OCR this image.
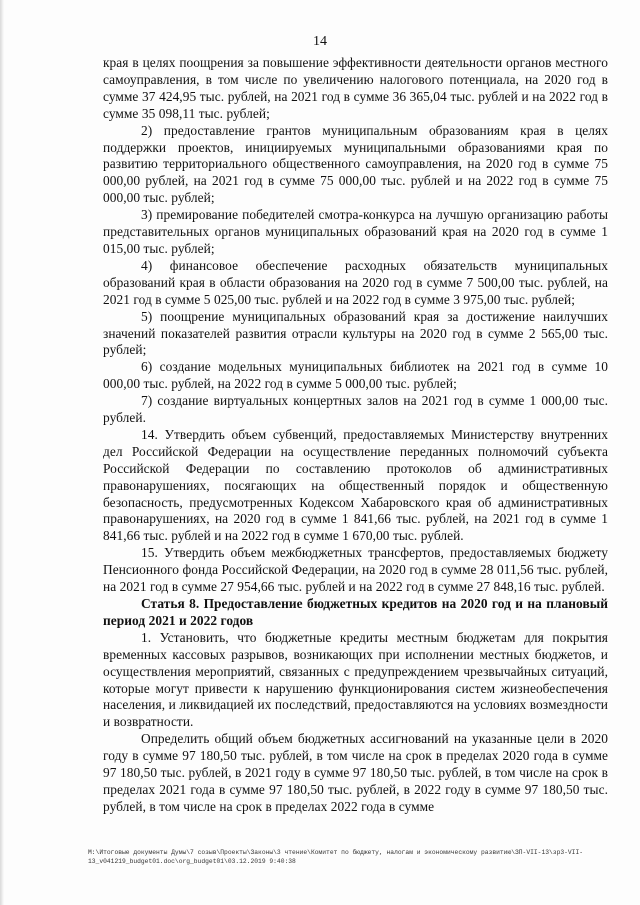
14

края в целях поощрения за повышение эффективности деятельности органов местного самоуправления, в том числе по увеличению налогового потенциала, на 2020 год в сумме 37 424,95 тыс. рублей, на 2021 год в сумме 36 365,04 тыс. рублей и на 2022 год в сумме 35 098,11 тыс. рублей;

2) предоставление грантов муниципальным образованиям края в целях поддержки проектов, инициируемых муниципальными образованиями края по развитию территориального общественного самоуправления, на 2020 год в сумме 75 000,00 рублей, на 2021 год в сумме 75 000,00 тыс. рублей и на 2022 год в сумме 75 000,00 тыс. рублей;

3) премирование победителей смотра-конкурса на лучшую организацию работы представительных органов муниципальных образований края на 2020 год в сумме 1 015,00 тыс. рублей;

4) финансовое обеспечение расходных обязательств муниципальных образований края в области образования на 2020 год в сумме 7 500,00 тыс. рублей, на 2021 год в сумме 5 025,00 тыс. рублей и на 2022 год в сумме 3 975,00 тыс. рублей;

5) поощрение муниципальных образований края за достижение наилучших значений показателей развития отрасли культуры на 2020 год в сумме 2 565,00 тыс. рублей;

6) создание модельных муниципальных библиотек на 2021 год в сумме 10 000,00 тыс. рублей, на 2022 год в сумме 5 000,00 тыс. рублей;

7) создание виртуальных концертных залов на 2021 год в сумме 1 000,00 тыс. рублей.

14. Утвердить объем субвенций, предоставляемых Министерству внутренних дел Российской Федерации на осуществление переданных полномочий субъекта Российской Федерации по составлению протоколов об административных правонарушениях, посягающих на общественный порядок и общественную безопасность, предусмотренных Кодексом Хабаровского края об административных правонарушениях, на 2020 год в сумме 1 841,66 тыс. рублей, на 2021 год в сумме 1 841,66 тыс. рублей и на 2022 год в сумме 1 670,00 тыс. рублей.

15. Утвердить объем межбюджетных трансфертов, предоставляемых бюджету Пенсионного фонда Российской Федерации, на 2020 год в сумме 28 011,56 тыс. рублей, на 2021 год в сумме 27 954,66 тыс. рублей и на 2022 год в сумме 27 848,16 тыс. рублей.

Статья 8. Предоставление бюджетных кредитов на 2020 год и на плановый период 2021 и 2022 годов

1. Установить, что бюджетные кредиты местным бюджетам для покрытия временных кассовых разрывов, возникающих при исполнении местных бюджетов, и осуществления мероприятий, связанных с предупреждением чрезвычайных ситуаций, которые могут привести к нарушению функционирования систем жизнеобеспечения населения, и ликвидацией их последствий, предоставляются на условиях возмездности и возвратности.

Определить общий объем бюджетных ассигнований на указанные цели в 2020 году в сумме 97 180,50 тыс. рублей, в том числе на срок в пределах 2020 года в сумме 97 180,50 тыс. рублей, в 2021 году в сумме 97 180,50 тыс. рублей, в том числе на срок в пределах 2021 года в сумме 97 180,50 тыс. рублей, в 2022 году в сумме 97 180,50 тыс. рублей, в том числе на срок в пределах 2022 года в сумме

M:\Итоговые документы Думы\7 созыв\Проекты\Законы\3 чтение\Комитет по бюджету, налогам и экономическому развитию\ЗП-VII-13\зр3-VII-13_v041219_budget01.doc\org_budget01\03.12.2019 9:40:38
